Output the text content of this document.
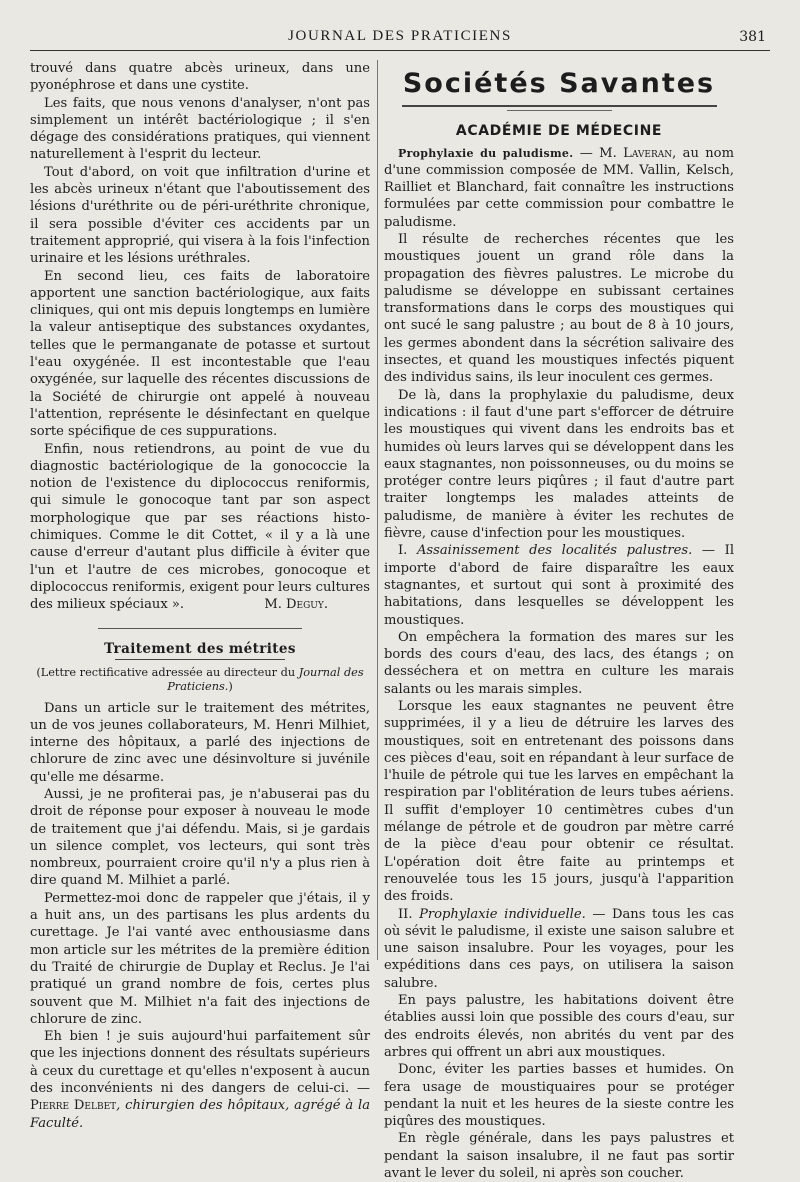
JOURNAL DES PRATICIENS	381

trouvé dans quatre abcès urineux, dans une pyonéphrose et dans une cystite.

Les faits, que nous venons d'analyser, n'ont pas simplement un intérêt bactériologique ; il s'en dégage des considérations pratiques, qui viennent naturellement à l'esprit du lecteur.

Tout d'abord, on voit que infiltration d'urine et les abcès urineux n'étant que l'aboutissement des lésions d'uréthrite ou de péri-uréthrite chronique, il sera possible d'éviter ces accidents par un traitement approprié, qui visera à la fois l'infection urinaire et les lésions uréthrales.

En second lieu, ces faits de laboratoire apportent une sanction bactériologique, aux faits cliniques, qui ont mis depuis longtemps en lumière la valeur antiseptique des substances oxydantes, telles que le permanganate de potasse et surtout l'eau oxygénée. Il est incontestable que l'eau oxygénée, sur laquelle des récentes discussions de la Société de chirurgie ont appelé à nouveau l'attention, représente le désinfectant en quelque sorte spécifique de ces suppurations.

Enfin, nous retiendrons, au point de vue du diagnostic bactériologique de la gonococcie la notion de l'existence du diplococcus reniformis, qui simule le gonocoque tant par son aspect morphologique que par ses réactions histo-chimiques. Comme le dit Cottet, « il y a là une cause d'erreur d'autant plus difficile à éviter que l'un et l'autre de ces microbes, gonocoque et diplococcus reniformis, exigent pour leurs cultures des milieux spéciaux ».	M. Deguy.

Traitement des métrites
(Lettre rectificative adressée au directeur du Journal des Praticiens.)

Dans un article sur le traitement des métrites, un de vos jeunes collaborateurs, M. Henri Milhiet, interne des hôpitaux, a parlé des injections de chlorure de zinc avec une désinvolture si juvénile qu'elle me désarme.

Aussi, je ne profiterai pas, je n'abuserai pas du droit de réponse pour exposer à nouveau le mode de traitement que j'ai défendu. Mais, si je gardais un silence complet, vos lecteurs, qui sont très nombreux, pourraient croire qu'il n'y a plus rien à dire quand M. Milhiet a parlé.

Permettez-moi donc de rappeler que j'étais, il y a huit ans, un des partisans les plus ardents du curettage. Je l'ai vanté avec enthousiasme dans mon article sur les métrites de la première édition du Traité de chirurgie de Duplay et Reclus. Je l'ai pratiqué un grand nombre de fois, certes plus souvent que M. Milhiet n'a fait des injections de chlorure de zinc.

Eh bien ! je suis aujourd'hui parfaitement sûr que les injections donnent des résultats supérieurs à ceux du curettage et qu'elles n'exposent à aucun des inconvénients ni des dangers de celui-ci. — Pierre Delbet, chirurgien des hôpitaux, agrégé à la Faculté.

Sociétés Savantes
ACADÉMIE DE MÉDECINE

Prophylaxie du paludisme. — M. Laveran, au nom d'une commission composée de MM. Vallin, Kelsch, Railliet et Blanchard, fait connaître les instructions formulées par cette commission pour combattre le paludisme.

Il résulte de recherches récentes que les moustiques jouent un grand rôle dans la propagation des fièvres palustres. Le microbe du paludisme se développe en subissant certaines transformations dans le corps des moustiques qui ont sucé le sang palustre ; au bout de 8 à 10 jours, les germes abondent dans la sécrétion salivaire des insectes, et quand les moustiques infectés piquent des individus sains, ils leur inoculent ces germes.

De là, dans la prophylaxie du paludisme, deux indications : il faut d'une part s'efforcer de détruire les moustiques qui vivent dans les endroits bas et humides où leurs larves qui se développent dans les eaux stagnantes, non poissonneuses, ou du moins se protéger contre leurs piqûres ; il faut d'autre part traiter longtemps les malades atteints de paludisme, de manière à éviter les rechutes de fièvre, cause d'infection pour les moustiques.

I. Assainissement des localités palustres. — Il importe d'abord de faire disparaître les eaux stagnantes, et surtout qui sont à proximité des habitations, dans lesquelles se développent les moustiques.

On empêchera la formation des mares sur les bords des cours d'eau, des lacs, des étangs ; on desséchera et on mettra en culture les marais salants ou les marais simples.

Lorsque les eaux stagnantes ne peuvent être supprimées, il y a lieu de détruire les larves des moustiques, soit en entretenant des poissons dans ces pièces d'eau, soit en répandant à leur surface de l'huile de pétrole qui tue les larves en empêchant la respiration par l'oblitération de leurs tubes aériens. Il suffit d'employer 10 centimètres cubes d'un mélange de pétrole et de goudron par mètre carré de la pièce d'eau pour obtenir ce résultat. L'opération doit être faite au printemps et renouvelée tous les 15 jours, jusqu'à l'apparition des froids.

II. Prophylaxie individuelle. — Dans tous les cas où sévit le paludisme, il existe une saison salubre et une saison insalubre. Pour les voyages, pour les expéditions dans ces pays, on utilisera la saison salubre.

En pays palustre, les habitations doivent être établies aussi loin que possible des cours d'eau, sur des endroits élevés, non abrités du vent par des arbres qui offrent un abri aux moustiques.

Donc, éviter les parties basses et humides. On fera usage de moustiquaires pour se protéger pendant la nuit et les heures de la sieste contre les piqûres des moustiques.

En règle générale, dans les pays palustres et pendant la saison insalubre, il ne faut pas sortir avant le lever du soleil, ni après son coucher.
